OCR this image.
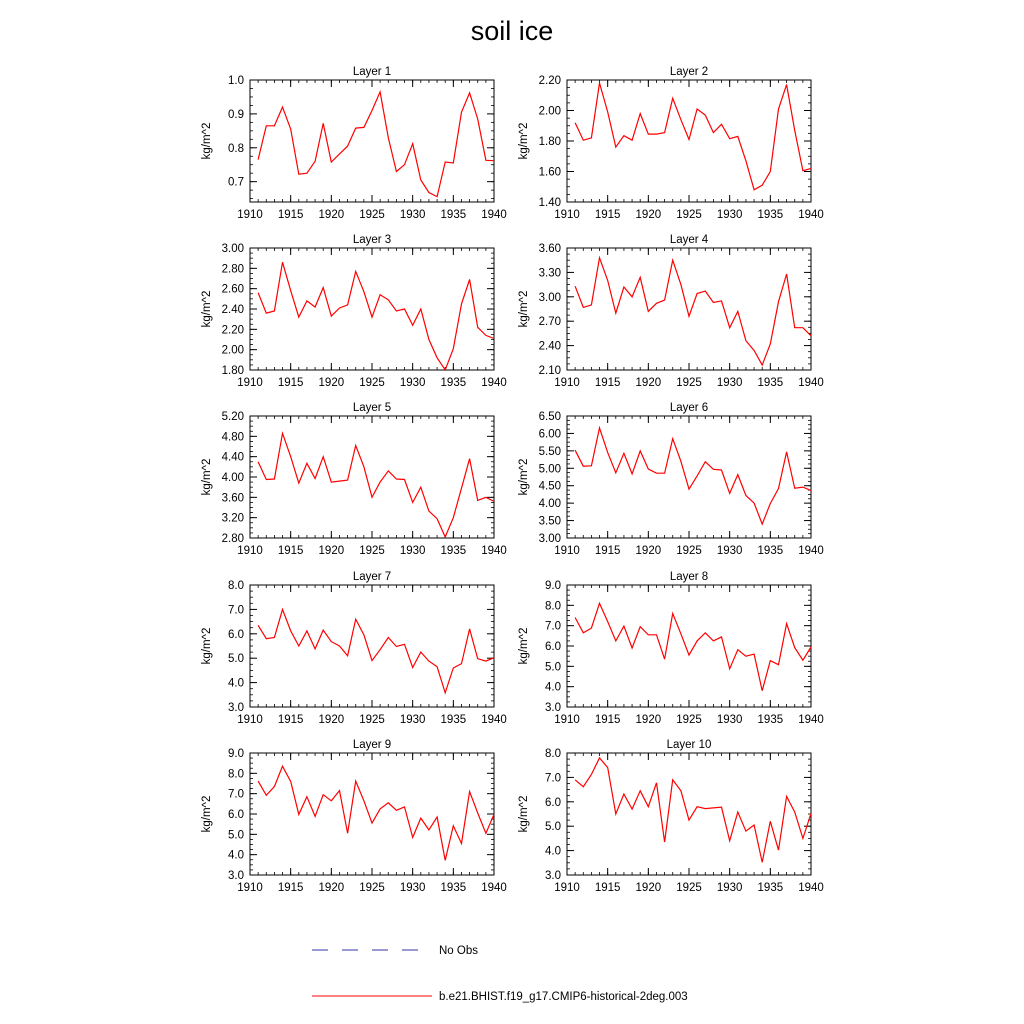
soil ice
Layer 1
kg/m^2
1910 1915 1920 1925 1930 1935 1940
1.0
0.9
0.8
0.7
Layer 2
kg/m^2
1910 1915 1920 1925 1930 1935 1940
2.20
2.00
1.80
1.60
1.40
Layer 3
kg/m^2
1910 1915 1920 1925 1930 1935 1940
3.00
2.80
2.60
2.40
2.20
2.00
1.80
Layer 4
kg/m^2
1910 1915 1920 1925 1930 1935 1940
3.60
3.30
3.00
2.70
2.40
2.10
Layer 5
kg/m^2
1910 1915 1920 1925 1930 1935 1940
5.20
4.80
4.40
4.00
3.60
3.20
2.80
Layer 6
kg/m^2
1910 1915 1920 1925 1930 1935 1940
6.50
6.00
5.50
5.00
4.50
4.00
3.50
3.00
Layer 7
kg/m^2
1910 1915 1920 1925 1930 1935 1940
8.0
7.0
6.0
5.0
4.0
3.0
Layer 8
kg/m^2
1910 1915 1920 1925 1930 1935 1940
9.0
8.0
7.0
6.0
5.0
4.0
3.0
Layer 9
kg/m^2
1910 1915 1920 1925 1930 1935 1940
9.0
8.0
7.0
6.0
5.0
4.0
3.0
Layer 10
kg/m^2
1910 1915 1920 1925 1930 1935 1940
8.0
7.0
6.0
5.0
4.0
3.0
No Obs
b.e21.BHIST.f19_g17.CMIP6-historical-2deg.003
